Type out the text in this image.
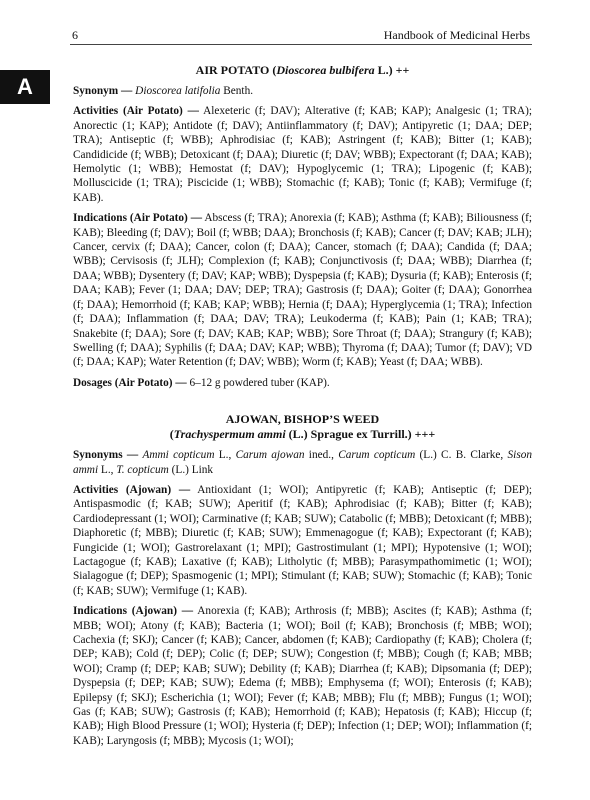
6	Handbook of Medicinal Herbs
A
AIR POTATO (Dioscorea bulbifera L.) ++

Synonym — Dioscorea latifolia Benth.

Activities (Air Potato) — Alexeteric (f; DAV); Alterative (f; KAB; KAP); Analgesic (1; TRA); Anorectic (1; KAP); Antidote (f; DAV); Antiinflammatory (f; DAV); Antipyretic (1; DAA; DEP; TRA); Antiseptic (f; WBB); Aphrodisiac (f; KAB); Astringent (f; KAB); Bitter (1; KAB); Candidicide (f; WBB); Detoxicant (f; DAA); Diuretic (f; DAV; WBB); Expectorant (f; DAA; KAB); Hemolytic (1; WBB); Hemostat (f; DAV); Hypoglycemic (1; TRA); Lipogenic (f; KAB); Molluscicide (1; TRA); Piscicide (1; WBB); Stomachic (f; KAB); Tonic (f; KAB); Vermifuge (f; KAB).

Indications (Air Potato) — Abscess (f; TRA); Anorexia (f; KAB); Asthma (f; KAB); Biliousness (f; KAB); Bleeding (f; DAV); Boil (f; WBB; DAA); Bronchosis (f; KAB); Cancer (f; DAV; KAB; JLH); Cancer, cervix (f; DAA); Cancer, colon (f; DAA); Cancer, stomach (f; DAA); Candida (f; DAA; WBB); Cervisosis (f; JLH); Complexion (f; KAB); Conjunctivosis (f; DAA; WBB); Diarrhea (f; DAA; WBB); Dysentery (f; DAV; KAP; WBB); Dyspepsia (f; KAB); Dysuria (f; KAB); Enterosis (f; DAA; KAB); Fever (1; DAA; DAV; DEP; TRA); Gastrosis (f; DAA); Goiter (f; DAA); Gonorrhea (f; DAA); Hemorrhoid (f; KAB; KAP; WBB); Hernia (f; DAA); Hyperglycemia (1; TRA); Infection (f; DAA); Inflammation (f; DAA; DAV; TRA); Leukoderma (f; KAB); Pain (1; KAB; TRA); Snakebite (f; DAA); Sore (f; DAV; KAB; KAP; WBB); Sore Throat (f; DAA); Strangury (f; KAB); Swelling (f; DAA); Syphilis (f; DAA; DAV; KAP; WBB); Thyroma (f; DAA); Tumor (f; DAV); VD (f; DAA; KAP); Water Retention (f; DAV; WBB); Worm (f; KAB); Yeast (f; DAA; WBB).

Dosages (Air Potato) — 6–12 g powdered tuber (KAP).

AJOWAN, BISHOP’S WEED
(Trachyspermum ammi (L.) Sprague ex Turrill.) +++

Synonyms — Ammi copticum L., Carum ajowan ined., Carum copticum (L.) C. B. Clarke, Sison ammi L., T. copticum (L.) Link

Activities (Ajowan) — Antioxidant (1; WOI); Antipyretic (f; KAB); Antiseptic (f; DEP); Antispasmodic (f; KAB; SUW); Aperitif (f; KAB); Aphrodisiac (f; KAB); Bitter (f; KAB); Cardiodepressant (1; WOI); Carminative (f; KAB; SUW); Catabolic (f; MBB); Detoxicant (f; MBB); Diaphoretic (f; MBB); Diuretic (f; KAB; SUW); Emmenagogue (f; KAB); Expectorant (f; KAB); Fungicide (1; WOI); Gastrorelaxant (1; MPI); Gastrostimulant (1; MPI); Hypotensive (1; WOI); Lactagogue (f; KAB); Laxative (f; KAB); Litholytic (f; MBB); Parasympathomimetic (1; WOI); Sialagogue (f; DEP); Spasmogenic (1; MPI); Stimulant (f; KAB; SUW); Stomachic (f; KAB); Tonic (f; KAB; SUW); Vermifuge (1; KAB).

Indications (Ajowan) — Anorexia (f; KAB); Arthrosis (f; MBB); Ascites (f; KAB); Asthma (f; MBB; WOI); Atony (f; KAB); Bacteria (1; WOI); Boil (f; KAB); Bronchosis (f; MBB; WOI); Cachexia (f; SKJ); Cancer (f; KAB); Cancer, abdomen (f; KAB); Cardiopathy (f; KAB); Cholera (f; DEP; KAB); Cold (f; DEP); Colic (f; DEP; SUW); Congestion (f; MBB); Cough (f; KAB; MBB; WOI); Cramp (f; DEP; KAB; SUW); Debility (f; KAB); Diarrhea (f; KAB); Dipsomania (f; DEP); Dyspepsia (f; DEP; KAB; SUW); Edema (f; MBB); Emphysema (f; WOI); Enterosis (f; KAB); Epilepsy (f; SKJ); Escherichia (1; WOI); Fever (f; KAB; MBB); Flu (f; MBB); Fungus (1; WOI); Gas (f; KAB; SUW); Gastrosis (f; KAB); Hemorrhoid (f; KAB); Hepatosis (f; KAB); Hiccup (f; KAB); High Blood Pressure (1; WOI); Hysteria (f; DEP); Infection (1; DEP; WOI); Inflammation (f; KAB); Laryngosis (f; MBB); Mycosis (1; WOI);
